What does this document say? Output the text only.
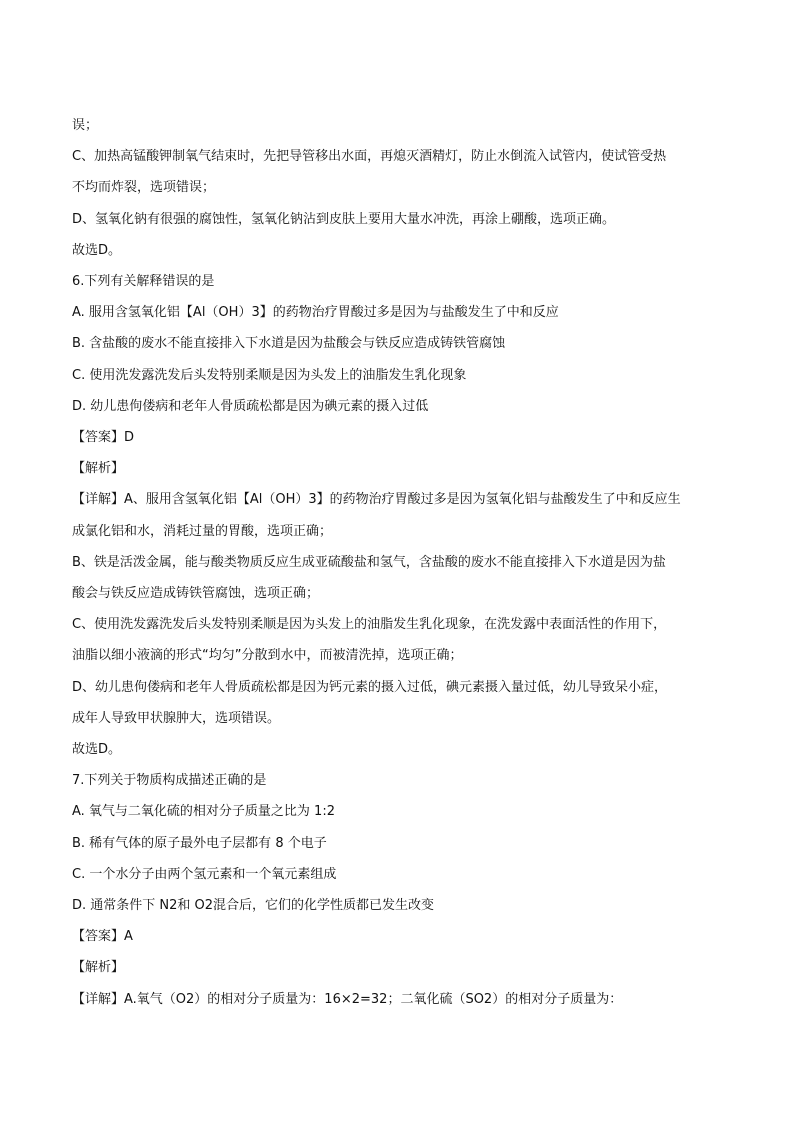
误；
C、加热高锰酸钾制氧气结束时，先把导管移出水面，再熄灭酒精灯，防止水倒流入试管内，使试管受热
不均而炸裂，选项错误；
D、氢氧化钠有很强的腐蚀性，氢氧化钠沾到皮肤上要用大量水冲洗，再涂上硼酸，选项正确。
故选D。
6.下列有关解释错误的是
A. 服用含氢氧化铝【Al（OH）3】的药物治疗胃酸过多是因为与盐酸发生了中和反应
B. 含盐酸的废水不能直接排入下水道是因为盐酸会与铁反应造成铸铁管腐蚀
C. 使用洗发露洗发后头发特别柔顺是因为头发上的油脂发生乳化现象
D. 幼儿患佝偻病和老年人骨质疏松都是因为碘元素的摄入过低
【答案】D
【解析】
【详解】A、服用含氢氧化铝【Al（OH）3】的药物治疗胃酸过多是因为氢氧化铝与盐酸发生了中和反应生
成氯化铝和水，消耗过量的胃酸，选项正确；
B、铁是活泼金属，能与酸类物质反应生成亚硫酸盐和氢气，含盐酸的废水不能直接排入下水道是因为盐
酸会与铁反应造成铸铁管腐蚀，选项正确；
C、使用洗发露洗发后头发特别柔顺是因为头发上的油脂发生乳化现象，在洗发露中表面活性的作用下，
油脂以细小液滴的形式“均匀”分散到水中，而被清洗掉，选项正确；
D、幼儿患佝偻病和老年人骨质疏松都是因为钙元素的摄入过低，碘元素摄入量过低，幼儿导致呆小症，
成年人导致甲状腺肿大，选项错误。
故选D。
7.下列关于物质构成描述正确的是
A. 氧气与二氧化硫的相对分子质量之比为 1:2
B. 稀有气体的原子最外电子层都有 8 个电子
C. 一个水分子由两个氢元素和一个氧元素组成
D. 通常条件下 N2和 O2混合后，它们的化学性质都已发生改变
【答案】A
【解析】
【详解】A.氧气（O2）的相对分子质量为：16×2=32；二氧化硫（SO2）的相对分子质量为：
